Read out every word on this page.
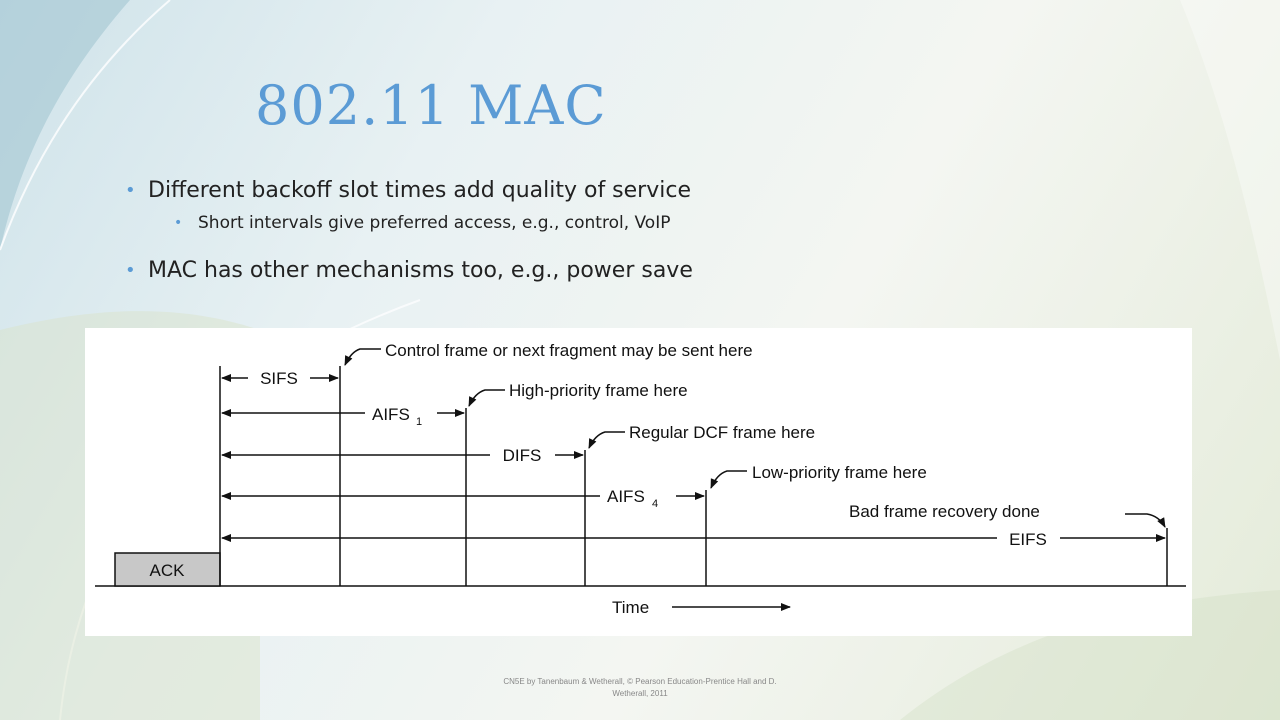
802.11 MAC
• Different backoff slot times add quality of service
• Short intervals give preferred access, e.g., control, VoIP
• MAC has other mechanisms too, e.g., power save
ACK
SIFS
Control frame or next fragment may be sent here
AIFS 1
High-priority frame here
DIFS
Regular DCF frame here
AIFS 4
Low-priority frame here
EIFS
Bad frame recovery done
Time
CN5E by Tanenbaum & Wetherall, © Pearson Education-Prentice Hall and D. Wetherall, 2011
